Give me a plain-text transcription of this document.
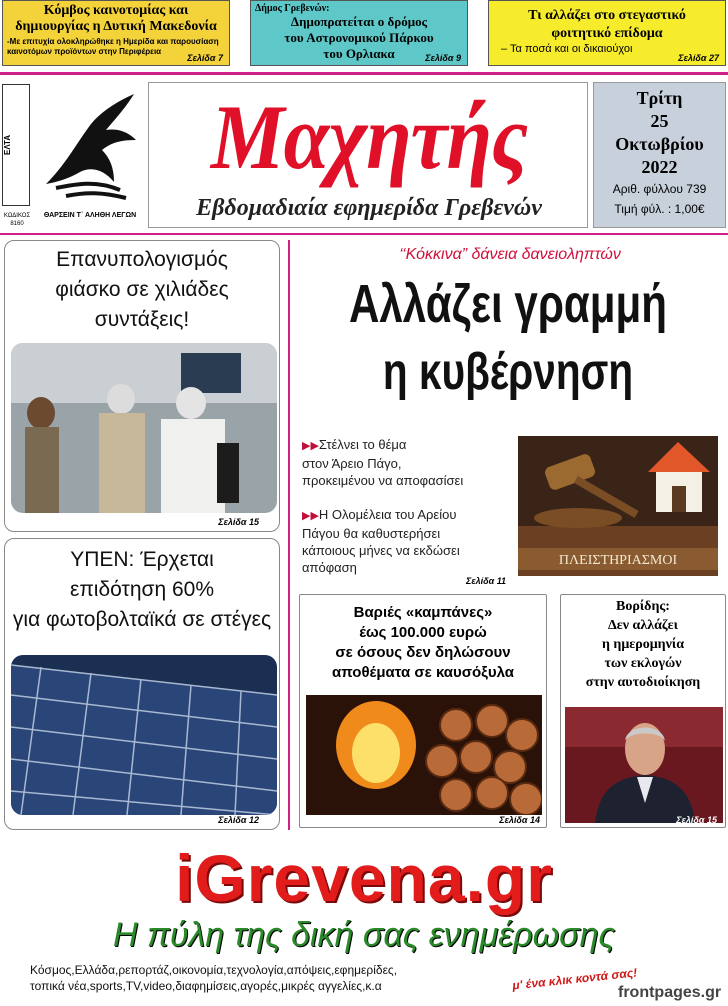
Κόμβος καινοτομίας και
δημιουργίας η Δυτική Μακεδονία
-Με επιτυχία ολοκληρώθηκε η Ημερίδα και παρουσίαση
καινοτόμων προϊόντων στην Περιφέρεια
Σελίδα 7
Δήμος Γρεβενών:
Δημοπρατείται ο δρόμος
του Αστρονομικού Πάρκου
του Ορλιακα	Σελίδα 9
Τι αλλάζει στο στεγαστικό
φοιτητικό επίδομα
– Τα ποσά και οι δικαιούχοι
Σελίδα 27
ΕΛΤΑ
ΘΑΡΣΕΙΝ Τ᾽ ΑΛΗΘΗ ΛΕΓΩΝ
ΚΩΔΙΚΟΣ
8160
Μαχητής
Εβδομαδιαία εφημερίδα Γρεβενών
Τρίτη
25
Οκτωβρίου
2022
Αριθ. φύλλου 739
Τιμή φύλ. : 1,00€
Επανυπολογισμός
φιάσκο σε χιλιάδες
συντάξεις!
Σελίδα 15
ΥΠΕΝ: Έρχεται
επιδότηση 60%
για φωτοβολταϊκά σε στέγες
Σελίδα 12
‘‘Κόκκινα” δάνεια δανειοληπτών
Αλλάζει γραμμή
η κυβέρνηση
▶▶Στέλνει το θέμα
στον Άρειο Πάγο,
προκειμένου να αποφασίσει
▶▶Η Ολομέλεια του Αρείου
Πάγου θα καθυστερήσει
κάποιους μήνες να εκδώσει
απόφαση
Σελίδα 11
ΠΛΕΙΣΤΗΡΙΑΣΜΟΙ
Βαριές «καμπάνες»
έως 100.000 ευρώ
σε όσους δεν δηλώσουν
αποθέματα σε καυσόξυλα
Σελίδα 14
Βορίδης:
Δεν αλλάζει
η ημερομηνία
των εκλογών
στην αυτοδιοίκηση
Σελίδα 15
iGrevena.gr
Η πύλη της δική σας ενημέρωσης
Κόσμος,Ελλάδα,ρεπορτάζ,οικονομία,τεχνολογία,απόψεις,εφημερίδες,
τοπικά νέα,sports,TV,video,διαφημίσεις,αγορές,μικρές αγγελίες,κ.α	μ' ένα κλικ κοντά σας!
frontpages.gr
